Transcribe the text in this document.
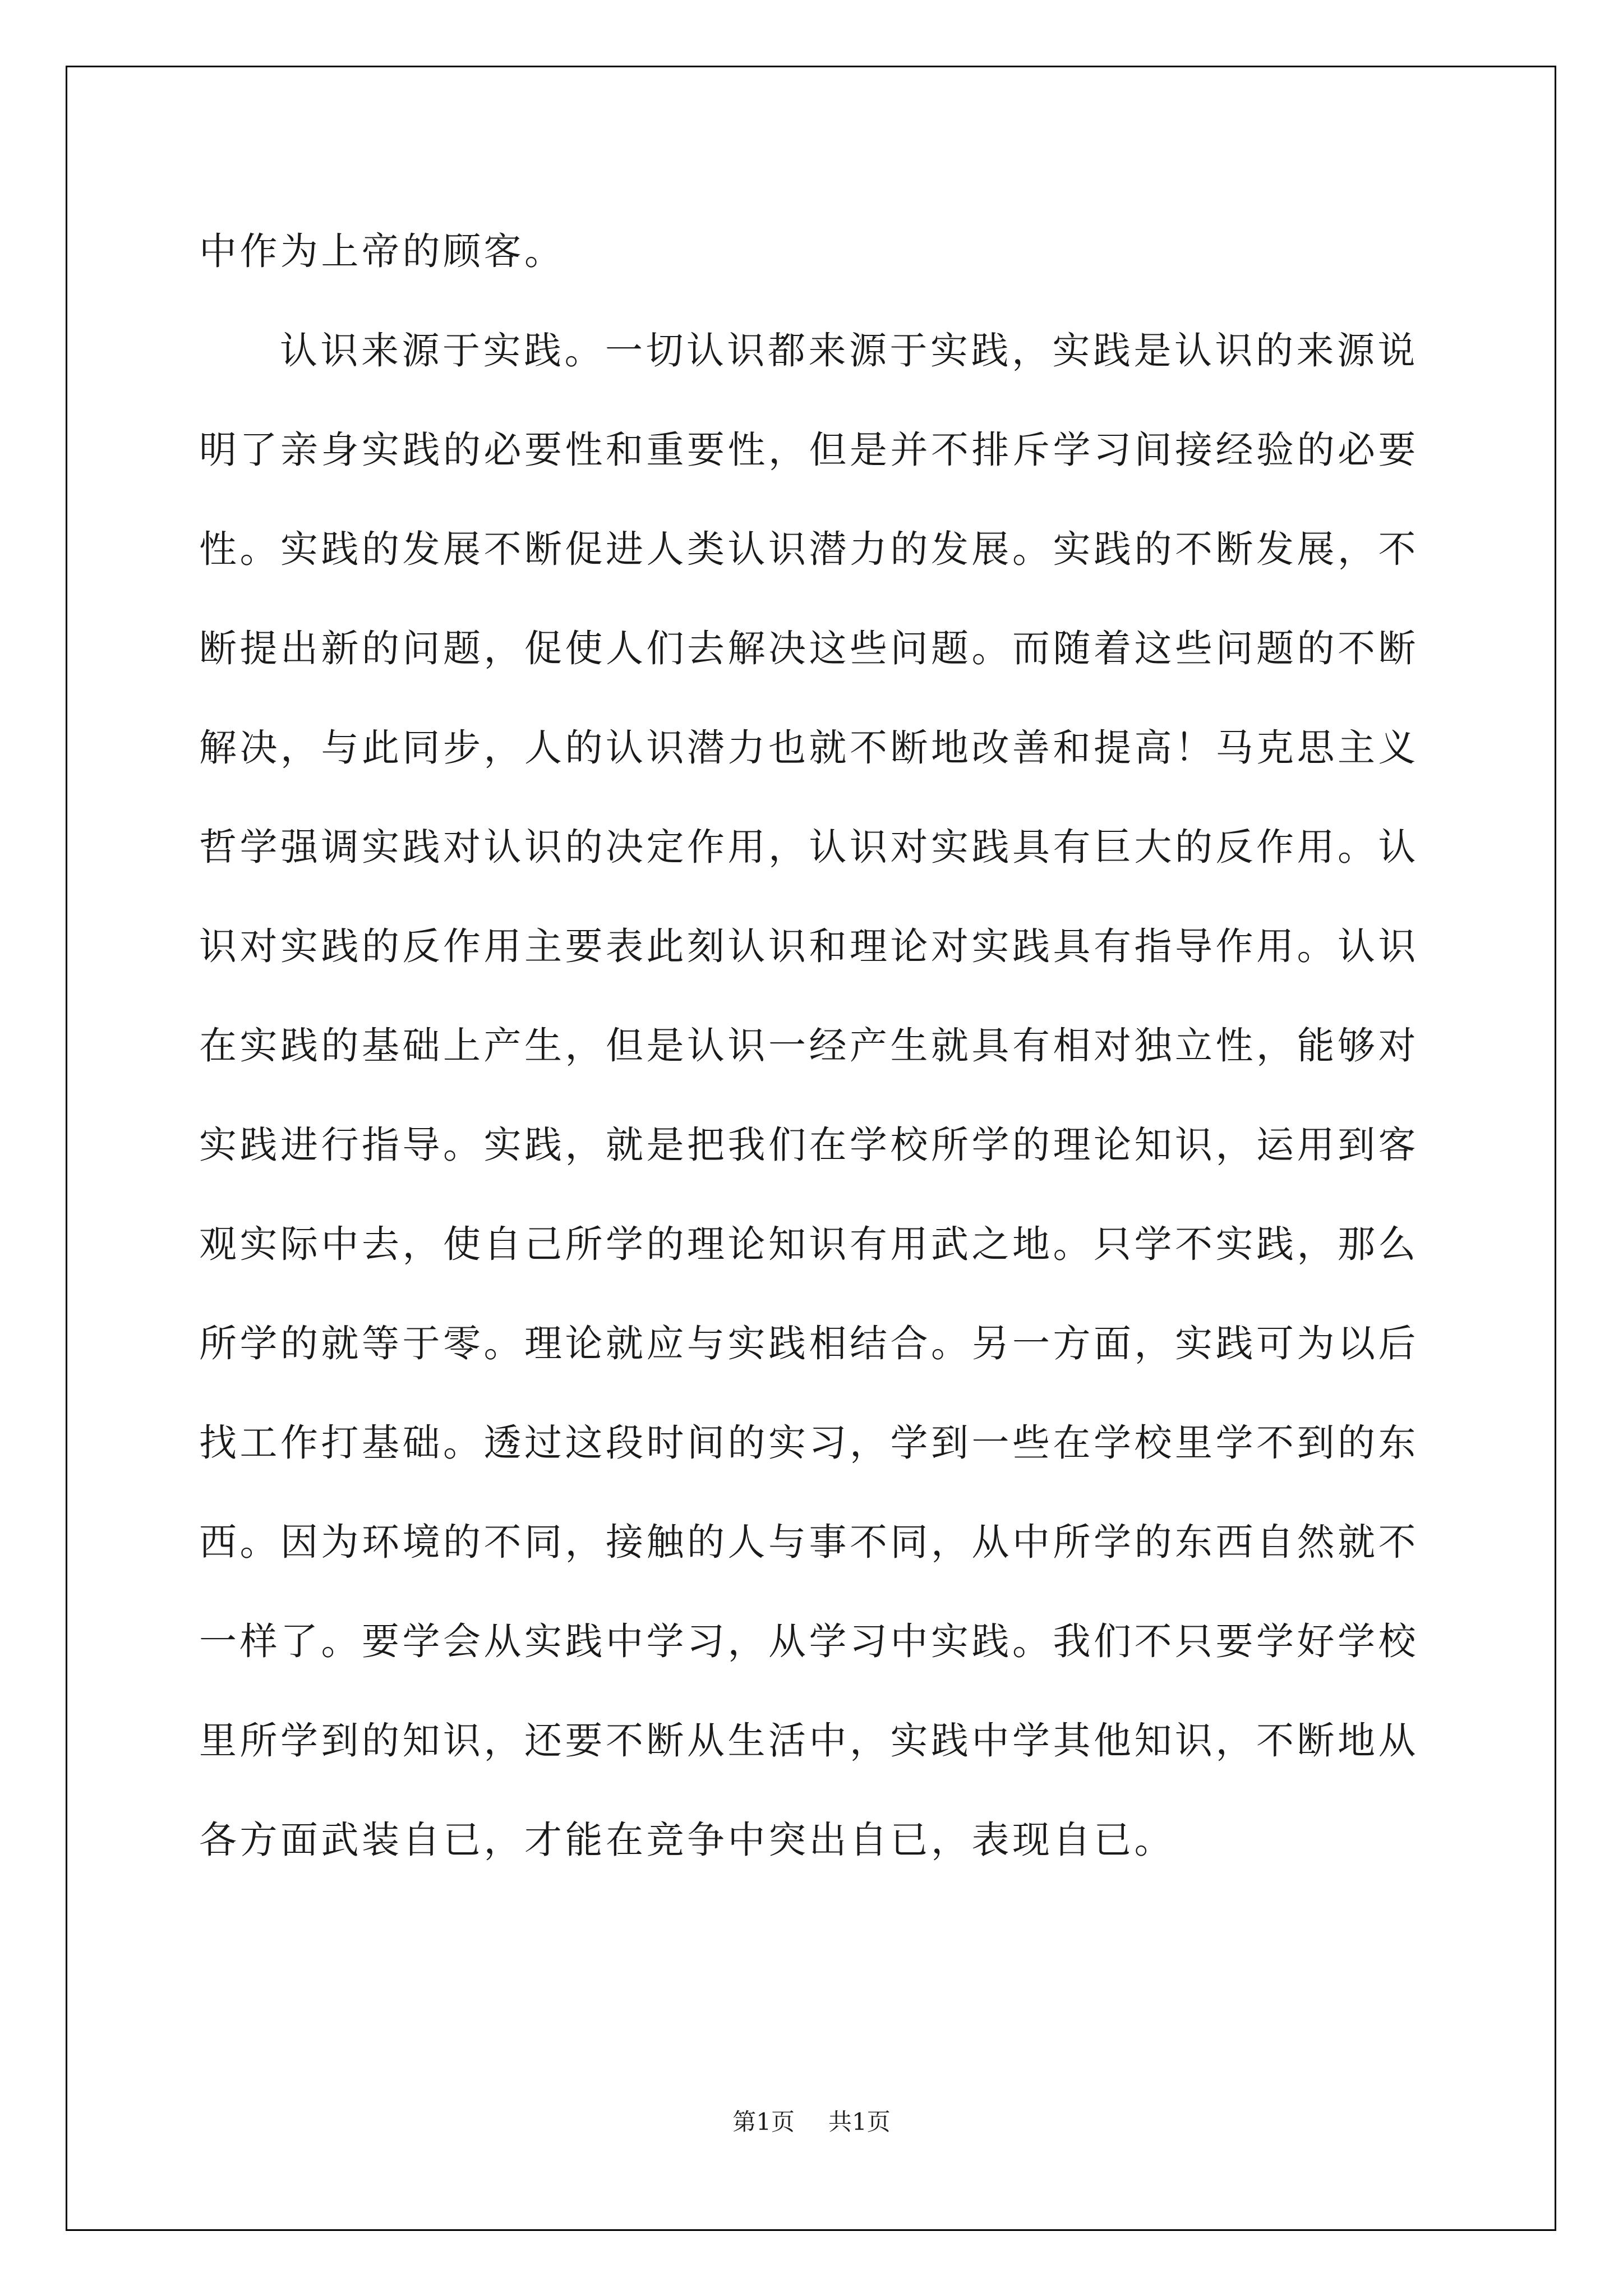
中作为上帝的顾客。
认识来源于实践。一切认识都来源于实践，实践是认识的来源说
明了亲身实践的必要性和重要性，但是并不排斥学习间接经验的必要
性。实践的发展不断促进人类认识潜力的发展。实践的不断发展，不
断提出新的问题，促使人们去解决这些问题。而随着这些问题的不断
解决，与此同步，人的认识潜力也就不断地改善和提高！马克思主义
哲学强调实践对认识的决定作用，认识对实践具有巨大的反作用。认
识对实践的反作用主要表此刻认识和理论对实践具有指导作用。认识
在实践的基础上产生，但是认识一经产生就具有相对独立性，能够对
实践进行指导。实践，就是把我们在学校所学的理论知识，运用到客
观实际中去，使自己所学的理论知识有用武之地。只学不实践，那么
所学的就等于零。理论就应与实践相结合。另一方面，实践可为以后
找工作打基础。透过这段时间的实习，学到一些在学校里学不到的东
西。因为环境的不同，接触的人与事不同，从中所学的东西自然就不
一样了。要学会从实践中学习，从学习中实践。我们不只要学好学校
里所学到的知识，还要不断从生活中，实践中学其他知识，不断地从
各方面武装自已，才能在竞争中突出自已，表现自已。
第1页 共1页
